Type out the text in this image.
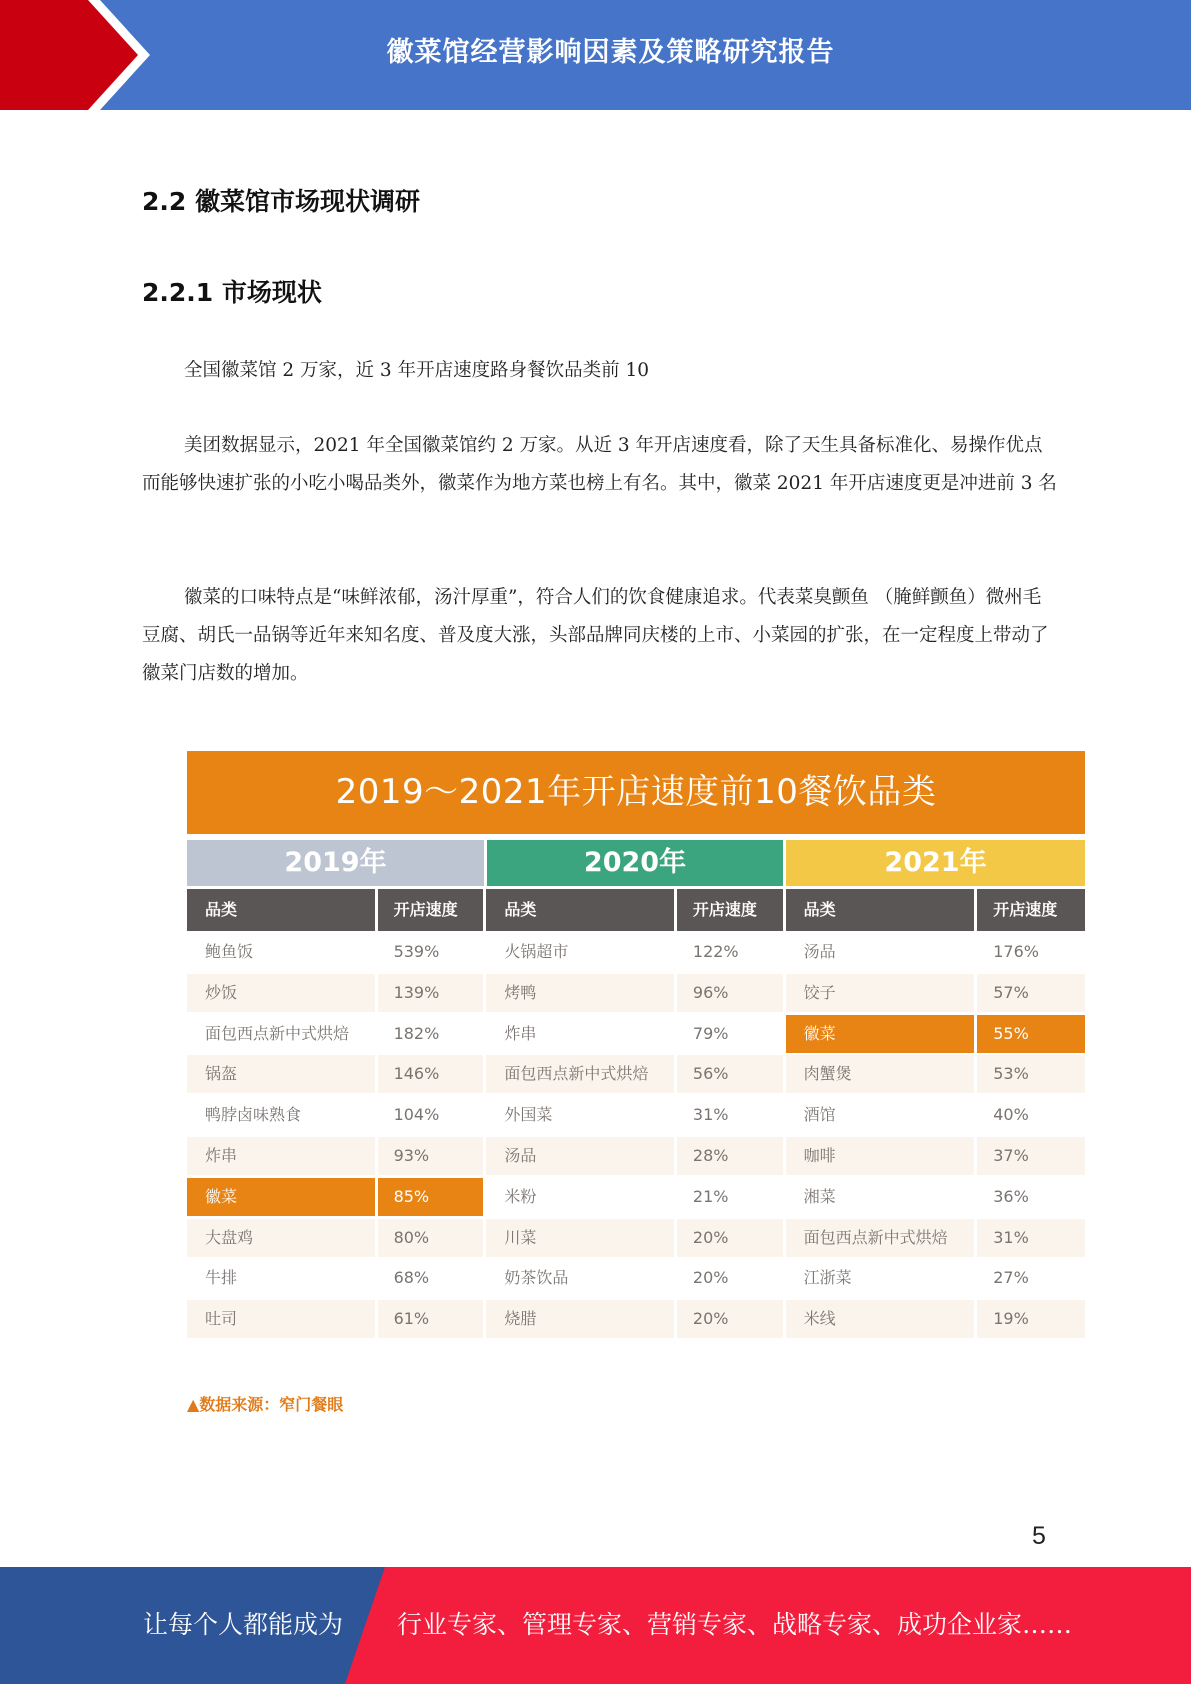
徽菜馆经营影响因素及策略研究报告
2.2 徽菜馆市场现状调研
2.2.1 市场现状

全国徽菜馆 2 万家，近 3 年开店速度路身餐饮品类前 10

美团数据显示，2021 年全国徽菜馆约 2 万家。从近 3 年开店速度看，除了天生具备标准化、易操作优点而能够快速扩张的小吃小喝品类外，徽菜作为地方菜也榜上有名。其中，徽菜 2021 年开店速度更是冲进前 3 名

徽菜的口味特点是“味鲜浓郁，汤汁厚重”，符合人们的饮食健康追求。代表菜臭颤鱼 （腌鲜颤鱼）微州毛豆腐、胡氏一品锅等近年来知名度、普及度大涨，头部品牌同庆楼的上市、小菜园的扩张，在一定程度上带动了徽菜门店数的增加。

2019～2021年开店速度前10餐饮品类
2019年	2020年	2021年
品类	开店速度	品类	开店速度	品类	开店速度
鲍鱼饭	539%	火锅超市	122%	汤品	176%
炒饭	139%	烤鸭	96%	饺子	57%
面包西点新中式烘焙	182%	炸串	79%	徽菜	55%
锅盔	146%	面包西点新中式烘焙	56%	肉蟹煲	53%
鸭脖卤味熟食	104%	外国菜	31%	酒馆	40%
炸串	93%	汤品	28%	咖啡	37%
徽菜	85%	米粉	21%	湘菜	36%
大盘鸡	80%	川菜	20%	面包西点新中式烘焙	31%
牛排	68%	奶茶饮品	20%	江浙菜	27%
吐司	61%	烧腊	20%	米线	19%
▲数据来源：窄门餐眼
5
让每个人都能成为 行业专家、管理专家、营销专家、战略专家、成功企业家……
